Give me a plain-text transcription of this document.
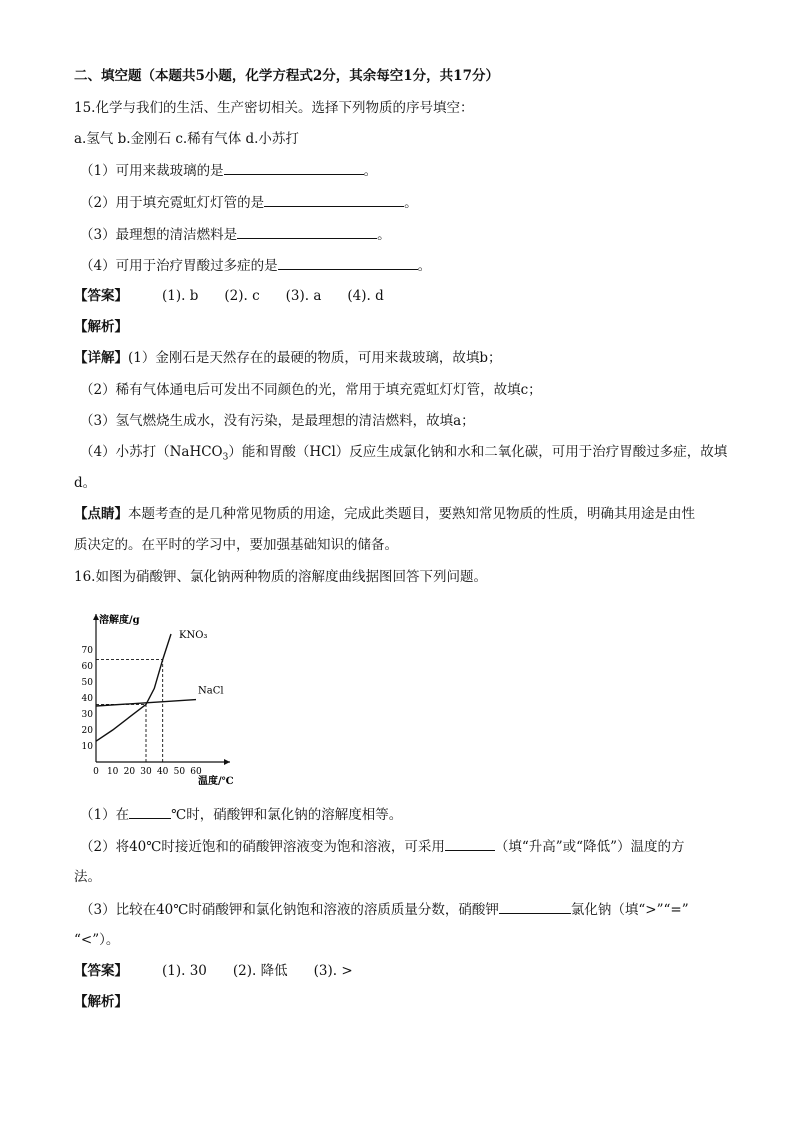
二、填空题（本题共5小题，化学方程式2分，其余每空1分，共17分）
15.化学与我们的生活、生产密切相关。选择下列物质的序号填空：
a.氢气 b.金刚石 c.稀有气体 d.小苏打
（1）可用来裁玻璃的是	。
（2）用于填充霓虹灯灯管的是	。
（3）最理想的清洁燃料是	。
（4）可用于治疗胃酸过多症的是	。
【答案】	(1). b (2). c (3). a (4). d
【解析】
【详解】(1）金刚石是天然存在的最硬的物质，可用来裁玻璃，故填b；
（2）稀有气体通电后可发出不同颜色的光，常用于填充霓虹灯灯管，故填c；
（3）氢气燃烧生成水，没有污染，是最理想的清洁燃料，故填a；
（4）小苏打（NaHCO$_3$）能和胃酸（HCl）反应生成氯化钠和水和二氧化碳，可用于治疗胃酸过多症，故填
d。
【点睛】本题考查的是几种常见物质的用途，完成此类题目，要熟知常见物质的性质，明确其用途是由性
质决定的。在平时的学习中，要加强基础知识的储备。
16.如图为硝酸钾、氯化钠两种物质的溶解度曲线据图回答下列问题。
溶解度/g
温度/℃
0 10 20 30 40 50 60
10
20
30
40
50
60
70
KNO₃
NaCl
（1）在	℃时，硝酸钾和氯化钠的溶解度相等。
（2）将40℃时接近饱和的硝酸钾溶液变为饱和溶液，可采用	（填“升高”或“降低”）温度的方
法。
（3）比较在40℃时硝酸钾和氯化钠饱和溶液的溶质质量分数，硝酸钾	氯化钠（填“>”“=”
“<”）。
【答案】	(1). 30 (2). 降低 (3). >
【解析】
